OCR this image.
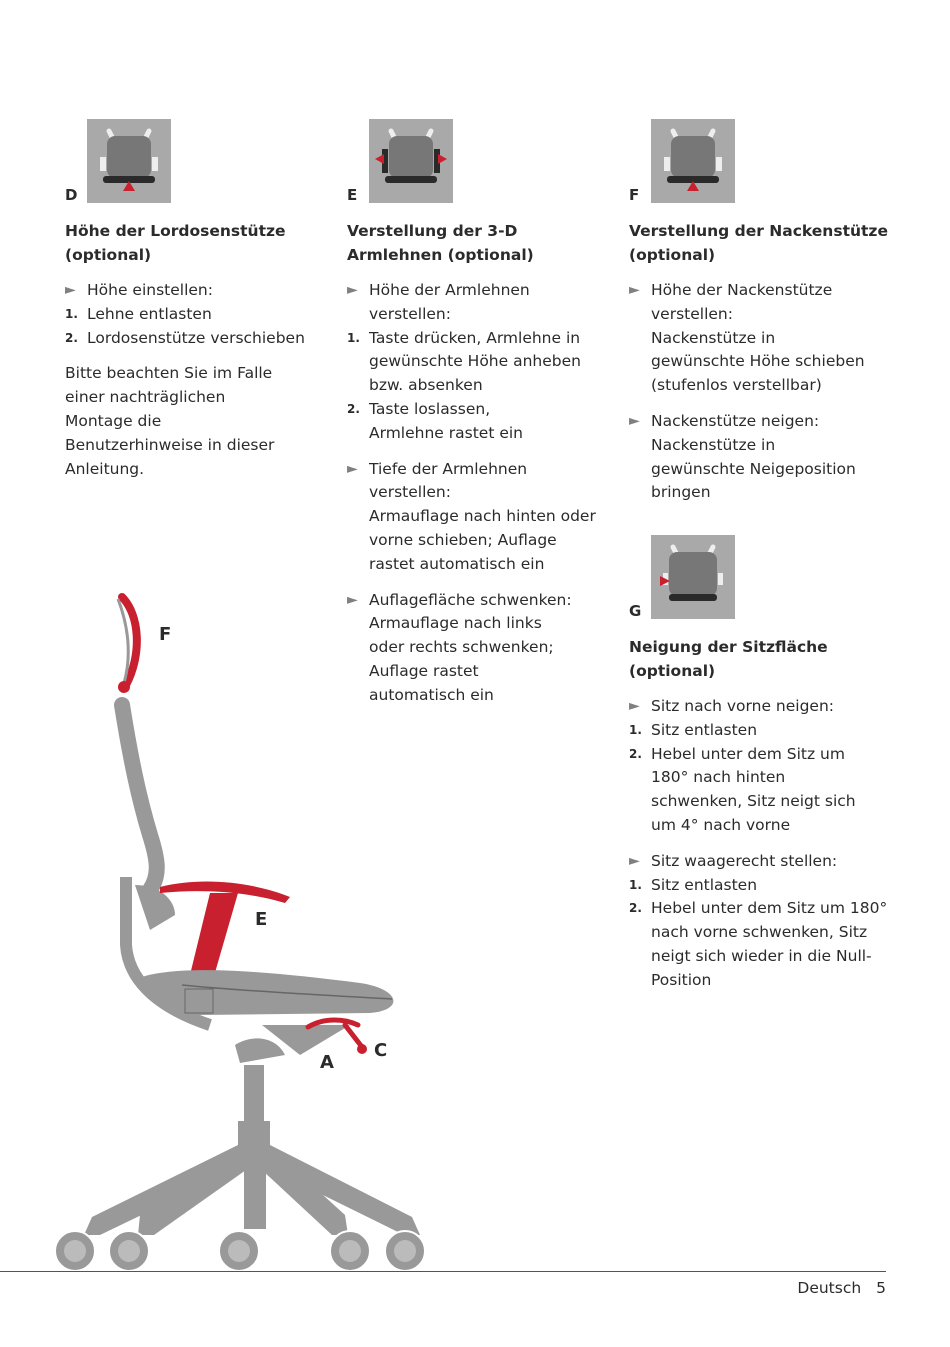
D
Höhe der Lordosenstütze (optional)
► Höhe einstellen:
1. Lehne entlasten
2. Lordosenstütze verschieben
Bitte beachten Sie im Falle einer nachträglichen Montage die Benutzerhinweise in dieser Anleitung.
E
Verstellung der 3-D Armlehnen (optional)
► Höhe der Armlehnen verstellen:
1. Taste drücken, Armlehne in gewünschte Höhe anheben bzw. absenken
2. Taste loslassen, Armlehne rastet ein
► Tiefe der Armlehnen verstellen:
Armauflage nach hinten oder vorne schieben; Auflage rastet automatisch ein
► Auflagefläche schwenken:
Armauflage nach links oder rechts schwenken; Auflage rastet automatisch ein
F
Verstellung der Nackenstütze (optional)
► Höhe der Nackenstütze verstellen:
Nackenstütze in gewünschte Höhe schieben (stufenlos verstellbar)
► Nackenstütze neigen:
Nackenstütze in gewünschte Neigeposition bringen
G
Neigung der Sitzfläche (optional)
► Sitz nach vorne neigen:
1. Sitz entlasten
2. Hebel unter dem Sitz um 180° nach hinten schwenken, Sitz neigt sich um 4° nach vorne
► Sitz waagerecht stellen:
1. Sitz entlasten
2. Hebel unter dem Sitz um 180° nach vorne schwenken, Sitz neigt sich wieder in die Null-Position
F
E
A
C
Deutsch 5
